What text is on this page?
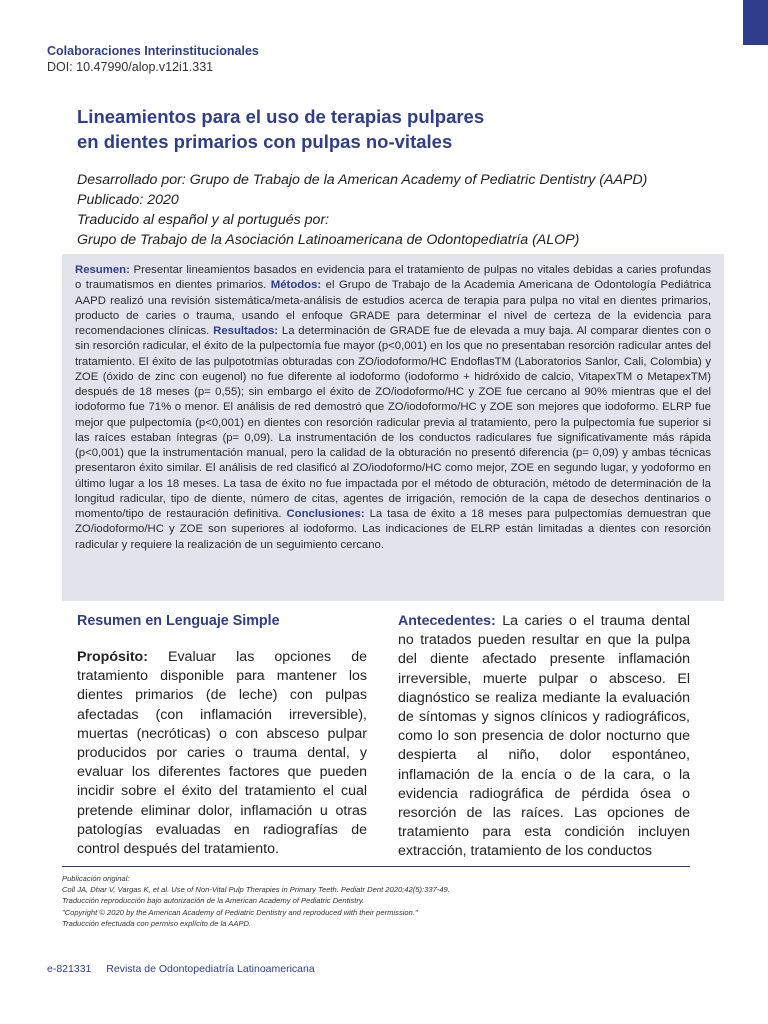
Colaboraciones Interinstitucionales
DOI: 10.47990/alop.v12i1.331
Lineamientos para el uso de terapias pulpares
en dientes primarios con pulpas no-vitales
Desarrollado por: Grupo de Trabajo de la American Academy of Pediatric Dentistry (AAPD)
Publicado: 2020
Traducido al español y al portugués por:
Grupo de Trabajo de la Asociación Latinoamericana de Odontopediatría (ALOP)
Resumen: Presentar lineamientos basados en evidencia para el tratamiento de pulpas no vitales debidas a caries profundas o traumatismos en dientes primarios. Métodos: el Grupo de Trabajo de la Academia Americana de Odontología Pediátrica AAPD realizó una revisión sistemática/meta-análisis de estudios acerca de terapia para pulpa no vital en dientes primarios, producto de caries o trauma, usando el enfoque GRADE para determinar el nivel de certeza de la evidencia para recomendaciones clínicas. Resultados: La determinación de GRADE fue de elevada a muy baja. Al comparar dientes con o sin resorción radicular, el éxito de la pulpectomía fue mayor (p<0,001) en los que no presentaban resorción radicular antes del tratamiento. El éxito de las pulpototmías obturadas con ZO/iodoformo/HC EndoflasTM (Laboratorios Sanlor, Cali, Colombia) y ZOE (óxido de zinc con eugenol) no fue diferente al iodoformo (iodoformo + hidróxido de calcio, VitapexTM o MetapexTM) después de 18 meses (p= 0,55); sin embargo el éxito de ZO/iodoformo/HC y ZOE fue cercano al 90% mientras que el del iodoformo fue 71% o menor. El análisis de red demostró que ZO/iodoformo/HC y ZOE son mejores que iodoformo. ELRP fue mejor que pulpectomía (p<0,001) en dientes con resorción radicular previa al tratamiento, pero la pulpectomía fue superior si las raíces estaban íntegras (p= 0,09). La instrumentación de los conductos radiculares fue significativamente más rápida (p<0,001) que la instrumentación manual, pero la calidad de la obturación no presentó diferencia (p= 0,09) y ambas técnicas presentaron éxito similar. El análisis de red clasificó al ZO/iodoformo/HC como mejor, ZOE en segundo lugar, y yodoformo en último lugar a los 18 meses. La tasa de éxito no fue impactada por el método de obturación, método de determinación de la longitud radicular, tipo de diente, número de citas, agentes de irrigación, remoción de la capa de desechos dentinarios o momento/tipo de restauración definitiva. Conclusiones: La tasa de éxito a 18 meses para pulpectomías demuestran que ZO/iodoformo/HC y ZOE son superiores al iodoformo. Las indicaciones de ELRP están limitadas a dientes con resorción radicular y requiere la realización de un seguimiento cercano.
Resumen en Lenguaje Simple

Propósito: Evaluar las opciones de tratamiento disponible para mantener los dientes primarios (de leche) con pulpas afectadas (con inflamación irreversible), muertas (necróticas) o con absceso pulpar producidos por caries o trauma dental, y evaluar los diferentes factores que pueden incidir sobre el éxito del tratamiento el cual pretende eliminar dolor, inflamación u otras patologías evaluadas en radiografías de control después del tratamiento.

Antecedentes: La caries o el trauma dental no tratados pueden resultar en que la pulpa del diente afectado presente inflamación irreversible, muerte pulpar o absceso. El diagnóstico se realiza mediante la evaluación de síntomas y signos clínicos y radiográficos, como lo son presencia de dolor nocturno que despierta al niño, dolor espontáneo, inflamación de la encía o de la cara, o la evidencia radiográfica de pérdida ósea o resorción de las raíces. Las opciones de tratamiento para esta condición incluyen extracción, tratamiento de los conductos

Publicación original:
Coll JA, Dhar V, Vargas K, et al. Use of Non-Vital Pulp Therapies in Primary Teeth. Pediatr Dent 2020;42(5):337-49.
Traducción reproducción bajo autorización de la American Academy of Pediatric Dentistry.
"Copyright © 2020 by the American Academy of Pediatric Dentistry and reproduced with their permission."
Traducción efectuada con permiso explícito de la AAPD.
e-821331 Revista de Odontopediatría Latinoamericana
